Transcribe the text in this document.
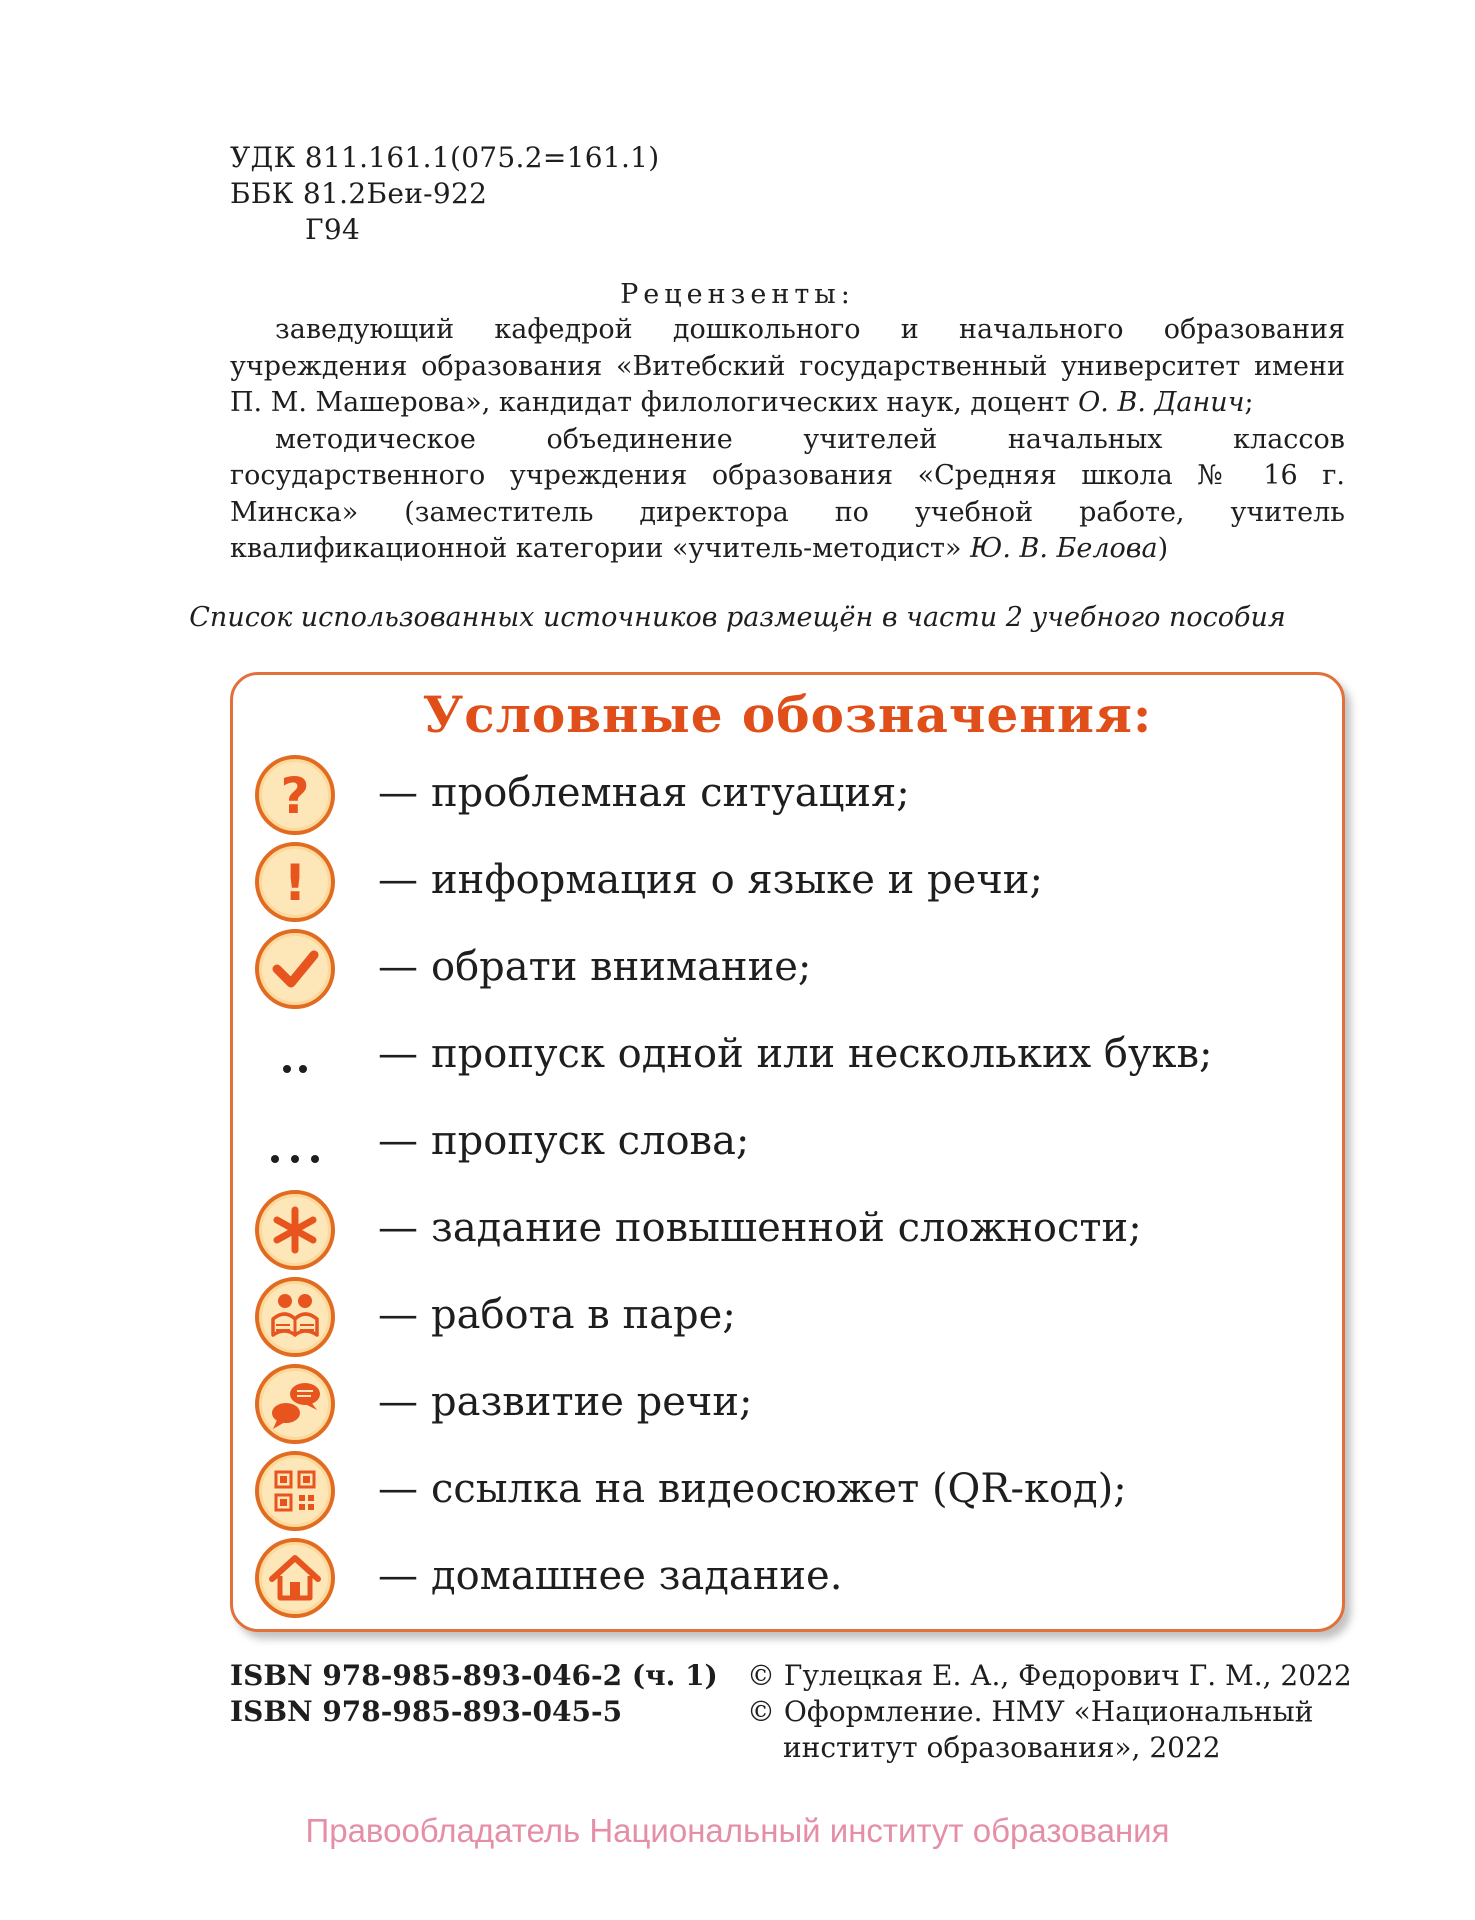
УДК 811.161.1(075.2=161.1)
ББК 81.2Беи-922
Г94
Рецензенты:

заведующий кафедрой дошкольного и начального образования учреждения образования «Витебский государственный университет имени П. М. Машерова», кандидат филологических наук, доцент О. В. Данич;

методическое объединение учителей начальных классов государственного учреждения образования «Средняя школа № 16 г. Минска» (заместитель директора по учебной работе, учитель квалификационной категории «учитель-методист» Ю. В. Белова)

Список использованных источников размещён в части 2 учебного пособия
Условные обозначения:
? — проблемная ситуация;
! — информация о языке и речи;
— обрати внимание;
— пропуск одной или нескольких букв;
— пропуск слова;
— задание повышенной сложности;
— работа в паре;
— развитие речи;
— ссылка на видеосюжет (QR-код);
— домашнее задание.
ISBN 978-985-893-046-2 (ч. 1)
ISBN 978-985-893-045-5
© Гулецкая Е. А., Федорович Г. М., 2022
© Оформление. НМУ «Национальный
институт образования», 2022
Правообладатель Национальный институт образования
